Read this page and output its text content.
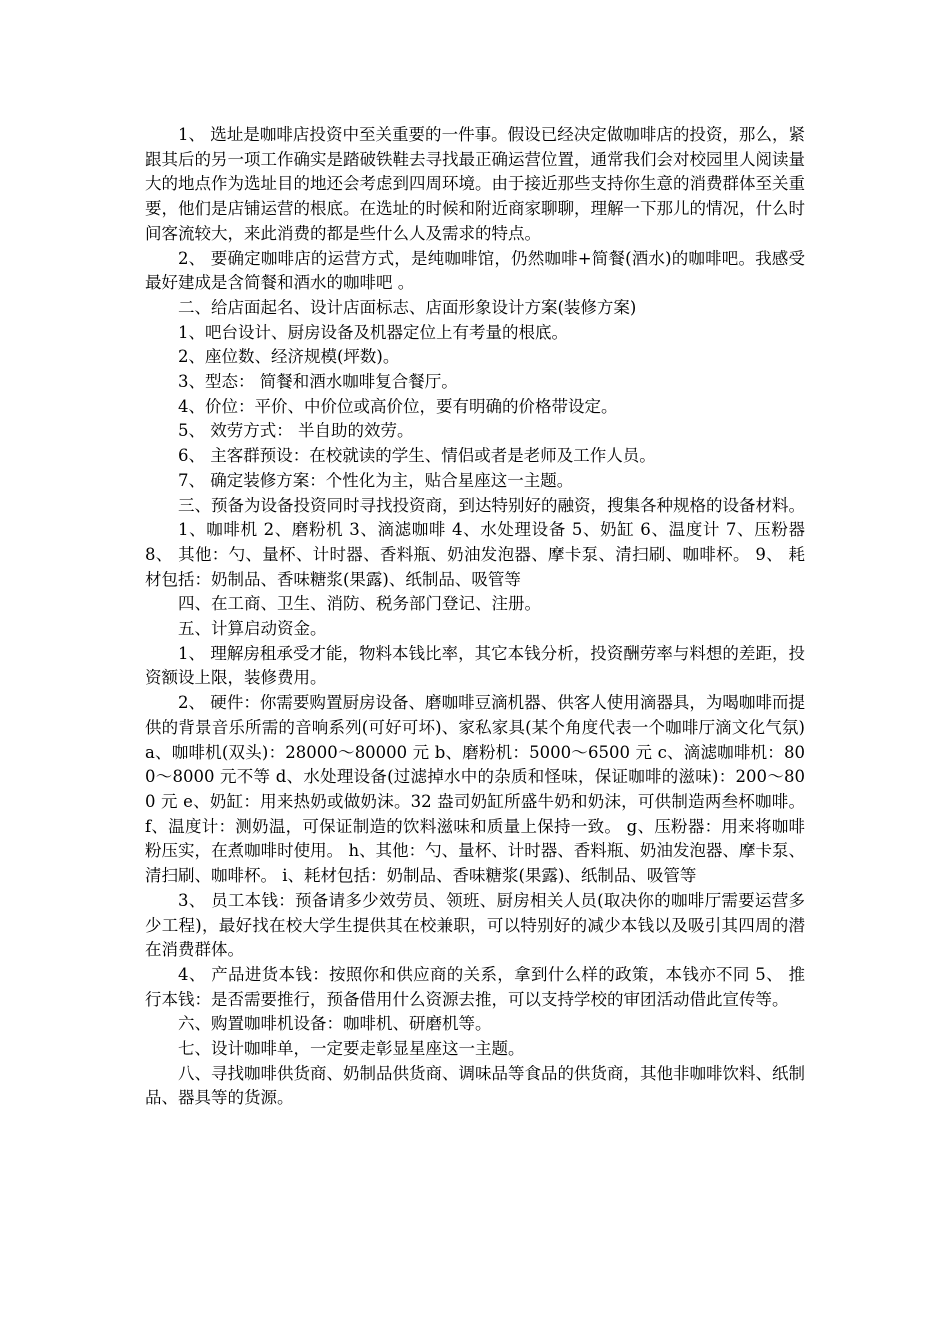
1、 选址是咖啡店投资中至关重要的一件事。假设已经决定做咖啡店的投资，那么，紧跟其后的另一项工作确实是踏破铁鞋去寻找最正确运营位置，通常我们会对校园里人阅读量大的地点作为选址目的地还会考虑到四周环境。由于接近那些支持你生意的消费群体至关重要，他们是店铺运营的根底。在选址的时候和附近商家聊聊，理解一下那儿的情况，什么时间客流较大，来此消费的都是些什么人及需求的特点。

2、 要确定咖啡店的运营方式，是纯咖啡馆，仍然咖啡+简餐(酒水)的咖啡吧。我感受最好建成是含简餐和酒水的咖啡吧 。

二、给店面起名、设计店面标志、店面形象设计方案(装修方案)

1、吧台设计、厨房设备及机器定位上有考量的根底。

2、座位数、经济规模(坪数)。

3、型态： 简餐和酒水咖啡复合餐厅。

4、价位：平价、中价位或高价位，要有明确的价格带设定。

5、 效劳方式： 半自助的效劳。

6、 主客群预设：在校就读的学生、情侣或者是老师及工作人员。

7、 确定装修方案：个性化为主，贴合星座这一主题。

三、预备为设备投资同时寻找投资商，到达特别好的融资，搜集各种规格的设备材料。

1、咖啡机 2、磨粉机 3、滴滤咖啡 4、水处理设备 5、奶缸 6、温度计 7、压粉器 8、 其他：勺、量杯、计时器、香料瓶、奶油发泡器、摩卡泵、清扫刷、咖啡杯。 9、 耗材包括：奶制品、香味糖浆(果露)、纸制品、吸管等

四、在工商、卫生、消防、税务部门登记、注册。

五、计算启动资金。

1、 理解房租承受才能，物料本钱比率，其它本钱分析，投资酬劳率与料想的差距，投资额设上限，装修费用。

2、 硬件：你需要购置厨房设备、磨咖啡豆滴机器、供客人使用滴器具，为喝咖啡而提供的背景音乐所需的音响系列(可好可坏)、家私家具(某个角度代表一个咖啡厅滴文化气氛) a、咖啡机(双头)：28000～80000 元 b、磨粉机：5000～6500 元 c、滴滤咖啡机：800～8000 元不等 d、水处理设备(过滤掉水中的杂质和怪味，保证咖啡的滋味)：200～800 元 e、奶缸：用来热奶或做奶沫。32 盎司奶缸所盛牛奶和奶沫，可供制造两叁杯咖啡。 f、温度计：测奶温，可保证制造的饮料滋味和质量上保持一致。 g、压粉器：用来将咖啡粉压实，在煮咖啡时使用。 h、其他：勺、量杯、计时器、香料瓶、奶油发泡器、摩卡泵、清扫刷、咖啡杯。 i、耗材包括：奶制品、香味糖浆(果露)、纸制品、吸管等

3、 员工本钱：预备请多少效劳员、领班、厨房相关人员(取决你的咖啡厅需要运营多少工程)，最好找在校大学生提供其在校兼职，可以特别好的减少本钱以及吸引其四周的潜在消费群体。

4、 产品进货本钱：按照你和供应商的关系，拿到什么样的政策，本钱亦不同 5、 推行本钱：是否需要推行，预备借用什么资源去推，可以支持学校的审团活动借此宣传等。

六、购置咖啡机设备：咖啡机、研磨机等。

七、设计咖啡单，一定要走彰显星座这一主题。

八、寻找咖啡供货商、奶制品供货商、调味品等食品的供货商，其他非咖啡饮料、纸制品、器具等的货源。
